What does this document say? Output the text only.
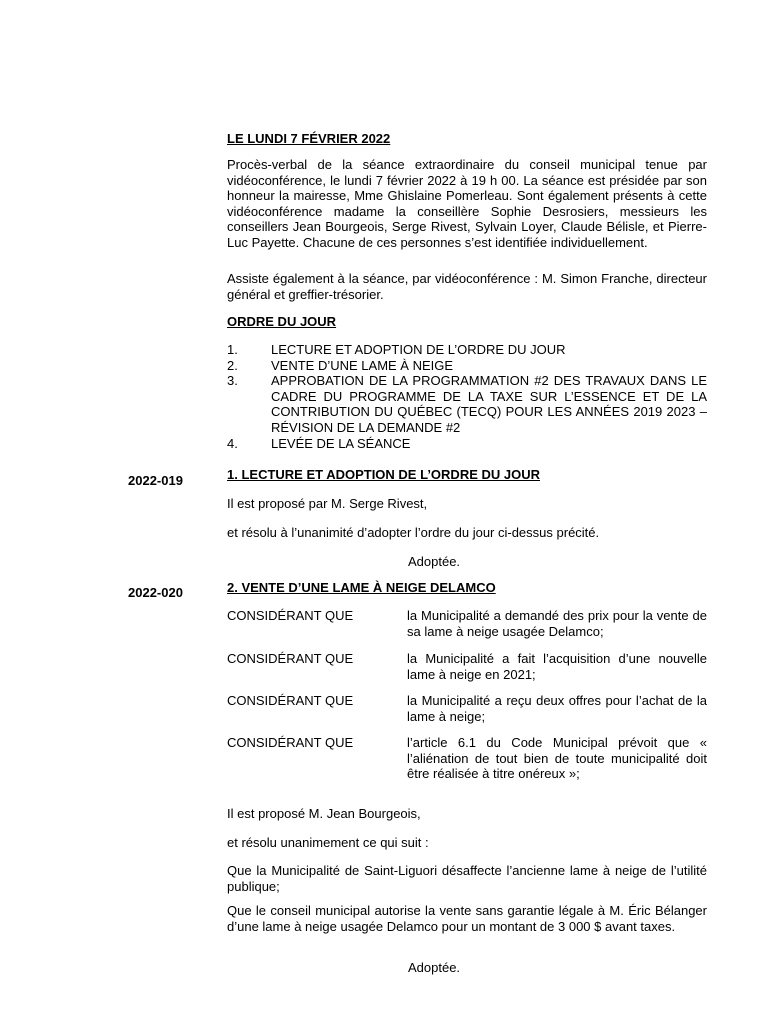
LE LUNDI 7 FÉVRIER 2022

Procès-verbal de la séance extraordinaire du conseil municipal tenue par vidéoconférence, le lundi 7 février 2022 à 19 h 00. La séance est présidée par son honneur la mairesse, Mme Ghislaine Pomerleau. Sont également présents à cette vidéoconférence madame la conseillère Sophie Desrosiers, messieurs les conseillers Jean Bourgeois, Serge Rivest, Sylvain Loyer, Claude Bélisle, et Pierre-Luc Payette. Chacune de ces personnes s’est identifiée individuellement.

Assiste également à la séance, par vidéoconférence : M. Simon Franche, directeur général et greffier-trésorier.

ORDRE DU JOUR
1.	LECTURE ET ADOPTION DE L’ORDRE DU JOUR
2.	VENTE D’UNE LAME À NEIGE
3.	APPROBATION DE LA PROGRAMMATION #2 DES TRAVAUX DANS LE CADRE DU PROGRAMME DE LA TAXE SUR L’ESSENCE ET DE LA CONTRIBUTION DU QUÉBEC (TECQ) POUR LES ANNÉES 2019 2023 – RÉVISION DE LA DEMANDE #2
4.	LEVÉE DE LA SÉANCE
2022-019	1. LECTURE ET ADOPTION DE L’ORDRE DU JOUR
Il est proposé par M. Serge Rivest,
et résolu à l’unanimité d’adopter l’ordre du jour ci-dessus précité.
Adoptée.
2022-020	2. VENTE D’UNE LAME À NEIGE DELAMCO
CONSIDÉRANT QUE	la Municipalité a demandé des prix pour la vente de sa lame à neige usagée Delamco;
CONSIDÉRANT QUE	la Municipalité a fait l’acquisition d’une nouvelle lame à neige en 2021;
CONSIDÉRANT QUE	la Municipalité a reçu deux offres pour l’achat de la lame à neige;
CONSIDÉRANT QUE	l’article 6.1 du Code Municipal prévoit que « l’aliénation de tout bien de toute municipalité doit être réalisée à titre onéreux »;
Il est proposé M. Jean Bourgeois,
et résolu unanimement ce qui suit :

Que la Municipalité de Saint-Liguori désaffecte l’ancienne lame à neige de l’utilité publique;

Que le conseil municipal autorise la vente sans garantie légale à M. Éric Bélanger d’une lame à neige usagée Delamco pour un montant de 3 000 $ avant taxes.

Adoptée.
